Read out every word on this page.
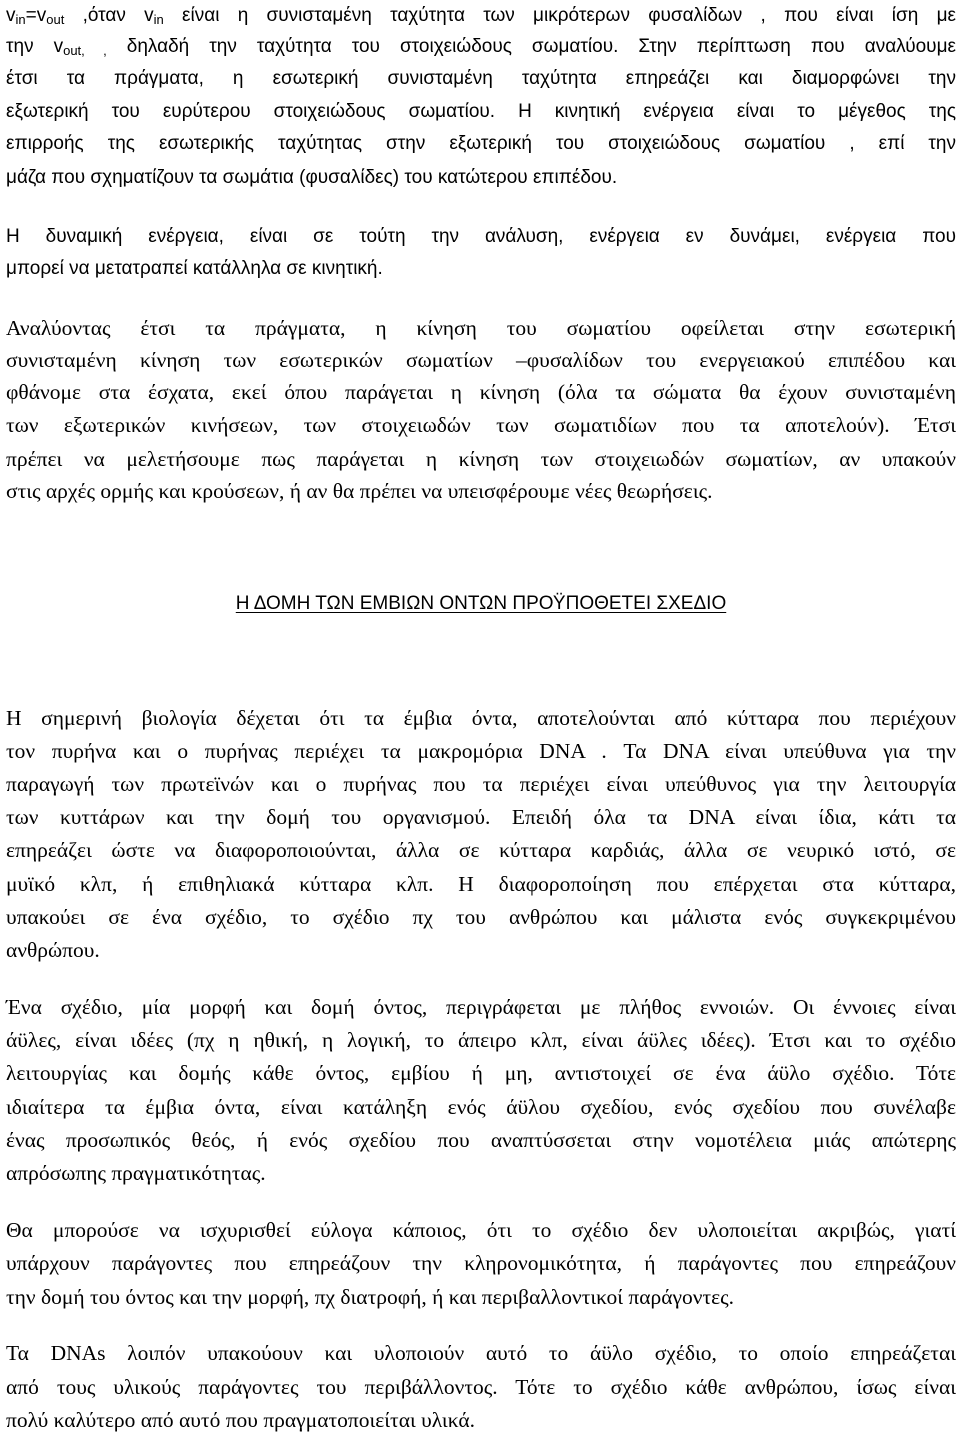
$v_{in}=v_{out}$ ,όταν $v_{in}$ είναι η συνισταμένη ταχύτητα των μικρότερων φυσαλίδων , που είναι ίση με
την $v_{out, ,}$ δηλαδή την ταχύτητα του στοιχειώδους σωματίου. Στην περίπτωση που αναλύουμε
έτσι τα πράγματα, η εσωτερική συνισταμένη ταχύτητα επηρεάζει και διαμορφώνει την
εξωτερική του ευρύτερου στοιχειώδους σωματίου. Η κινητική ενέργεια είναι το μέγεθος της
επιρροής της εσωτερικής ταχύτητας στην εξωτερική του στοιχειώδους σωματίου , επί την
μάζα που σχηματίζουν τα σωμάτια (φυσαλίδες) του κατώτερου επιπέδου.
Η δυναμική ενέργεια, είναι σε τούτη την ανάλυση, ενέργεια εν δυνάμει, ενέργεια που
μπορεί να μετατραπεί κατάλληλα σε κινητική.
Αναλύοντας έτσι τα πράγματα, η κίνηση του σωματίου οφείλεται στην εσωτερική
συνισταμένη κίνηση των εσωτερικών σωματίων –φυσαλίδων του ενεργειακού επιπέδου και
φθάνομε στα έσχατα, εκεί όπου παράγεται η κίνηση (όλα τα σώματα θα έχουν συνισταμένη
των εξωτερικών κινήσεων, των στοιχειωδών των σωματιδίων που τα αποτελούν). Έτσι
πρέπει να μελετήσουμε πως παράγεται η κίνηση των στοιχειωδών σωματίων, αν υπακούν
στις αρχές ορμής και κρούσεων, ή αν θα πρέπει να υπεισφέρουμε νέες θεωρήσεις.
Η ΔΟΜΗ ΤΩΝ ΕΜΒΙΩΝ ΟΝΤΩΝ ΠΡΟΫΠΟΘΕΤΕΙ ΣΧΕΔΙΟ
Η σημερινή βιολογία δέχεται ότι τα έμβια όντα, αποτελούνται από κύτταρα που περιέχουν
τον πυρήνα και ο πυρήνας περιέχει τα μακρομόρια DNA . Τα DNA είναι υπεύθυνα για την
παραγωγή των πρωτεϊνών και ο πυρήνας που τα περιέχει είναι υπεύθυνος για την λειτουργία
των κυττάρων και την δομή του οργανισμού. Επειδή όλα τα DNA είναι ίδια, κάτι τα
επηρεάζει ώστε να διαφοροποιούνται, άλλα σε κύτταρα καρδιάς, άλλα σε νευρικό ιστό, σε
μυϊκό κλπ, ή επιθηλιακά κύτταρα κλπ. Η διαφοροποίηση που επέρχεται στα κύτταρα,
υπακούει σε ένα σχέδιο, το σχέδιο πχ του ανθρώπου και μάλιστα ενός συγκεκριμένου
ανθρώπου.
Ένα σχέδιο, μία μορφή και δομή όντος, περιγράφεται με πλήθος εννοιών. Οι έννοιες είναι
άϋλες, είναι ιδέες (πχ η ηθική, η λογική, το άπειρο κλπ, είναι άϋλες ιδέες). Έτσι και το σχέδιο
λειτουργίας και δομής κάθε όντος, εμβίου ή μη, αντιστοιχεί σε ένα άϋλο σχέδιο. Τότε
ιδιαίτερα τα έμβια όντα, είναι κατάληξη ενός άϋλου σχεδίου, ενός σχεδίου που συνέλαβε
ένας προσωπικός θεός, ή ενός σχεδίου που αναπτύσσεται στην νομοτέλεια μιάς απώτερης
απρόσωπης πραγματικότητας.
Θα μπορούσε να ισχυρισθεί εύλογα κάποιος, ότι το σχέδιο δεν υλοποιείται ακριβώς, γιατί
υπάρχουν παράγοντες που επηρεάζουν την κληρονομικότητα, ή παράγοντες που επηρεάζουν
την δομή του όντος και την μορφή, πχ διατροφή, ή και περιβαλλοντικοί παράγοντες.
Τα DNAs λοιπόν υπακούουν και υλοποιούν αυτό το άϋλο σχέδιο, το οποίο επηρεάζεται
από τους υλικούς παράγοντες του περιβάλλοντος. Τότε το σχέδιο κάθε ανθρώπου, ίσως είναι
πολύ καλύτερο από αυτό που πραγματοποιείται υλικά.
